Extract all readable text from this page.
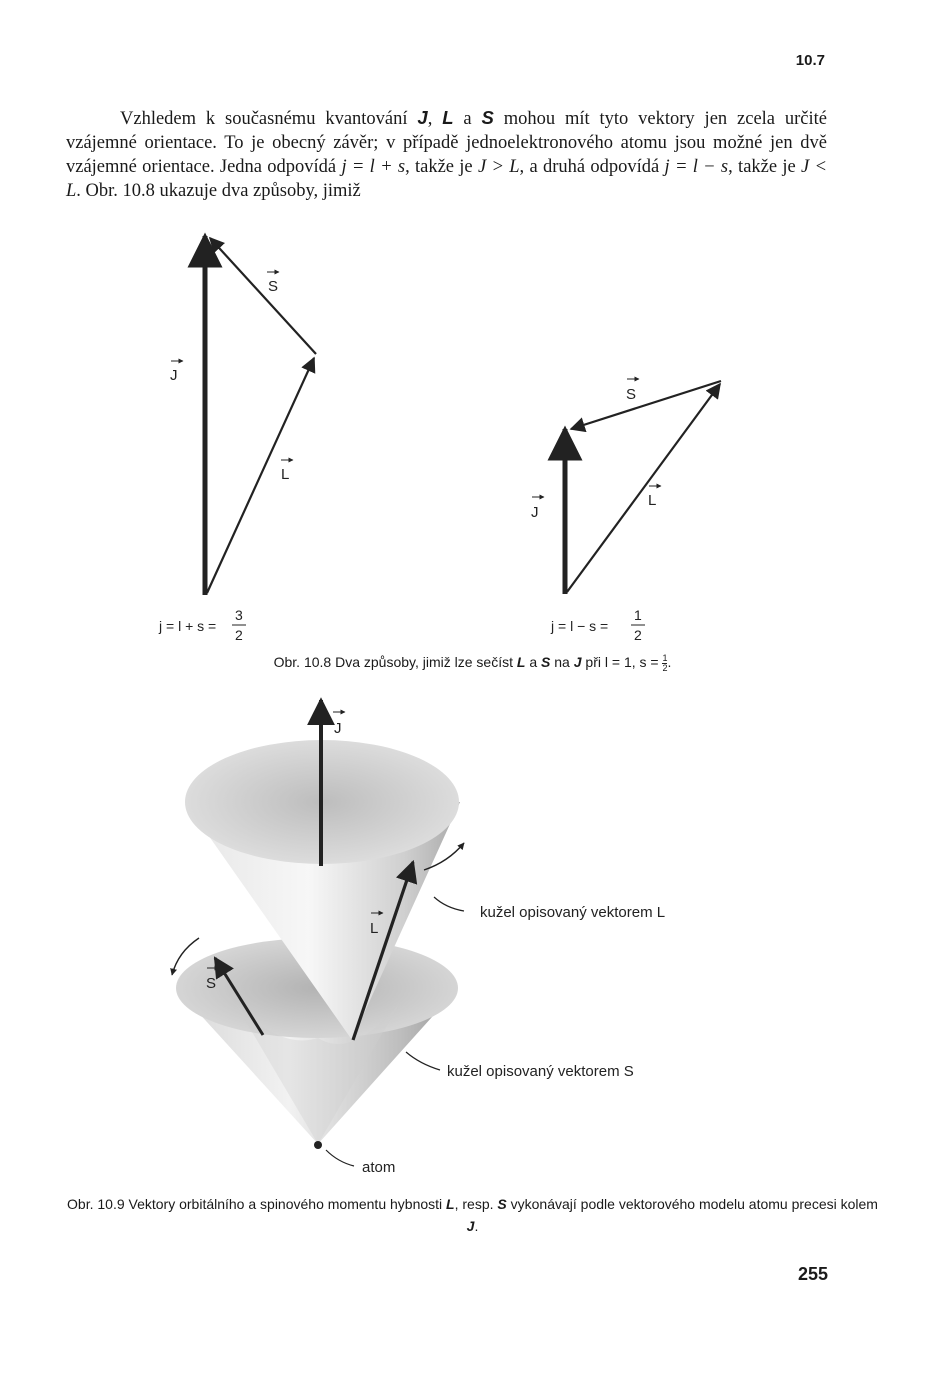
10.7

Vzhledem k současnému kvantování J, L a S mohou mít tyto vektory jen zcela určité vzájemné orientace. To je obecný závěr; v případě jednoelektronového atomu jsou možné jen dvě vzájemné orientace. Jedna odpovídá j = l + s, takže je J > L, a druhá odpovídá j = l − s, takže je J < L. Obr. 10.8 ukazuje dva způsoby, jimiž

J
S
L
j = l + s =
3
2
J
S
L
j = l − s =
1
2
J
L
S
kužel opisovaný vektorem L
kužel opisovaný vektorem S
atom
Obr. 10.8 Dva způsoby, jimiž lze sečíst L a S na J při l = 1, $s = \frac{1}{2}$ .
Obr. 10.9 Vektory orbitálního a spinového momentu hybnosti L, resp. S vykonávají podle vektorového modelu atomu precesi kolem J.
255
